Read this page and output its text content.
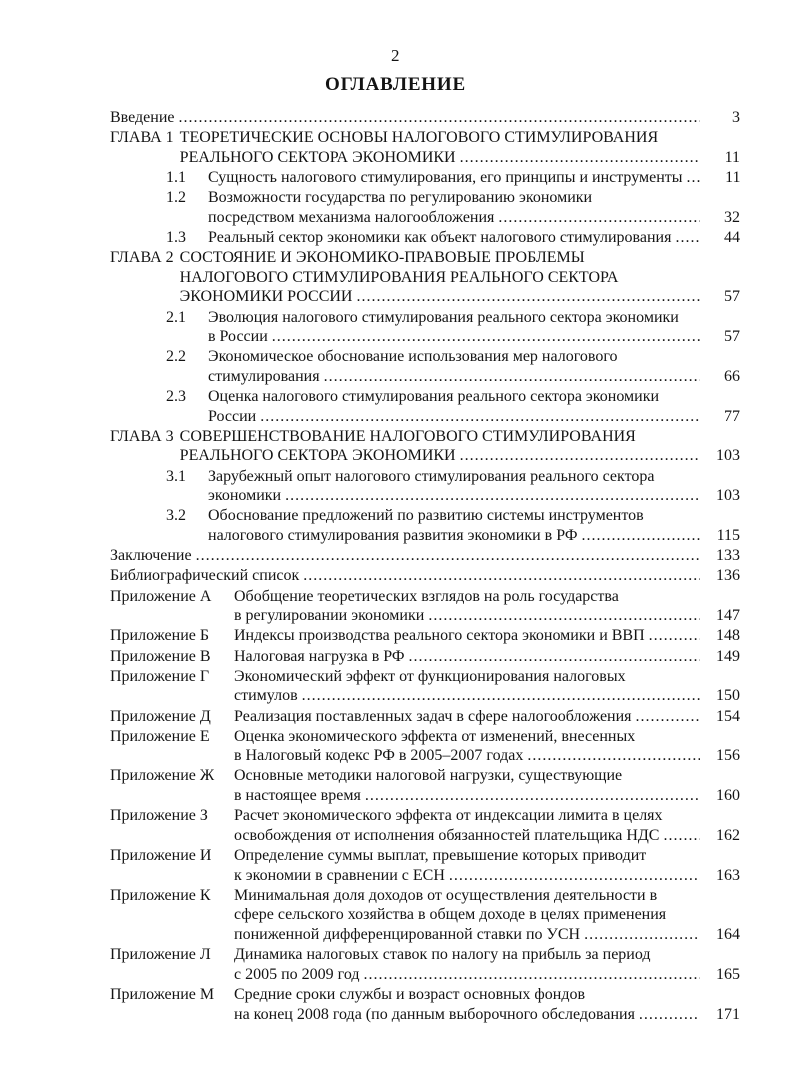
2
ОГЛАВЛЕНИЕ
Введение .....	3
ГЛАВА 1 ТЕОРЕТИЧЕСКИЕ ОСНОВЫ НАЛОГОВОГО СТИМУЛИРОВАНИЯ
РЕАЛЬНОГО СЕКТОРА ЭКОНОМИКИ .....	11
1.1 Сущность налогового стимулирования, его принципы и инструменты .....	11
1.2 Возможности государства по регулированию экономики
посредством механизма налогообложения .....	32
1.3 Реальный сектор экономики как объект налогового стимулирования .....	44
ГЛАВА 2 СОСТОЯНИЕ И ЭКОНОМИКО-ПРАВОВЫЕ ПРОБЛЕМЫ
НАЛОГОВОГО СТИМУЛИРОВАНИЯ РЕАЛЬНОГО СЕКТОРА
ЭКОНОМИКИ РОССИИ .....	57
2.1 Эволюция налогового стимулирования реального сектора экономики
в России .....	57
2.2 Экономическое обоснование использования мер налогового
стимулирования .....	66
2.3 Оценка налогового стимулирования реального сектора экономики
России .....	77
ГЛАВА 3 СОВЕРШЕНСТВОВАНИЕ НАЛОГОВОГО СТИМУЛИРОВАНИЯ
РЕАЛЬНОГО СЕКТОРА ЭКОНОМИКИ .....	103
3.1 Зарубежный опыт налогового стимулирования реального сектора
экономики .....	103
3.2 Обоснование предложений по развитию системы инструментов
налогового стимулирования развития экономики в РФ .....	115
Заключение .....	133
Библиографический список .....	136
Приложение А	Обобщение теоретических взглядов на роль государства
в регулировании экономики .....	147
Приложение Б	Индексы производства реального сектора экономики и ВВП .....	148
Приложение В	Налоговая нагрузка в РФ .....	149
Приложение Г	Экономический эффект от функционирования налоговых
стимулов .....	150
Приложение Д	Реализация поставленных задач в сфере налогообложения .....	154
Приложение Е	Оценка экономического эффекта от изменений, внесенных
в Налоговый кодекс РФ в 2005–2007 годах .....	156
Приложение Ж	Основные методики налоговой нагрузки, существующие
в настоящее время .....	160
Приложение З	Расчет экономического эффекта от индексации лимита в целях
освобождения от исполнения обязанностей плательщика НДС .....	162
Приложение И	Определение суммы выплат, превышение которых приводит
к экономии в сравнении с ЕСН .....	163
Приложение К	Минимальная доля доходов от осуществления деятельности в
сфере сельского хозяйства в общем доходе в целях применения
пониженной дифференцированной ставки по УСН .....	164
Приложение Л	Динамика налоговых ставок по налогу на прибыль за период
с 2005 по 2009 год .....	165
Приложение М	Средние сроки службы и возраст основных фондов
на конец 2008 года (по данным выборочного обследования .....	171
